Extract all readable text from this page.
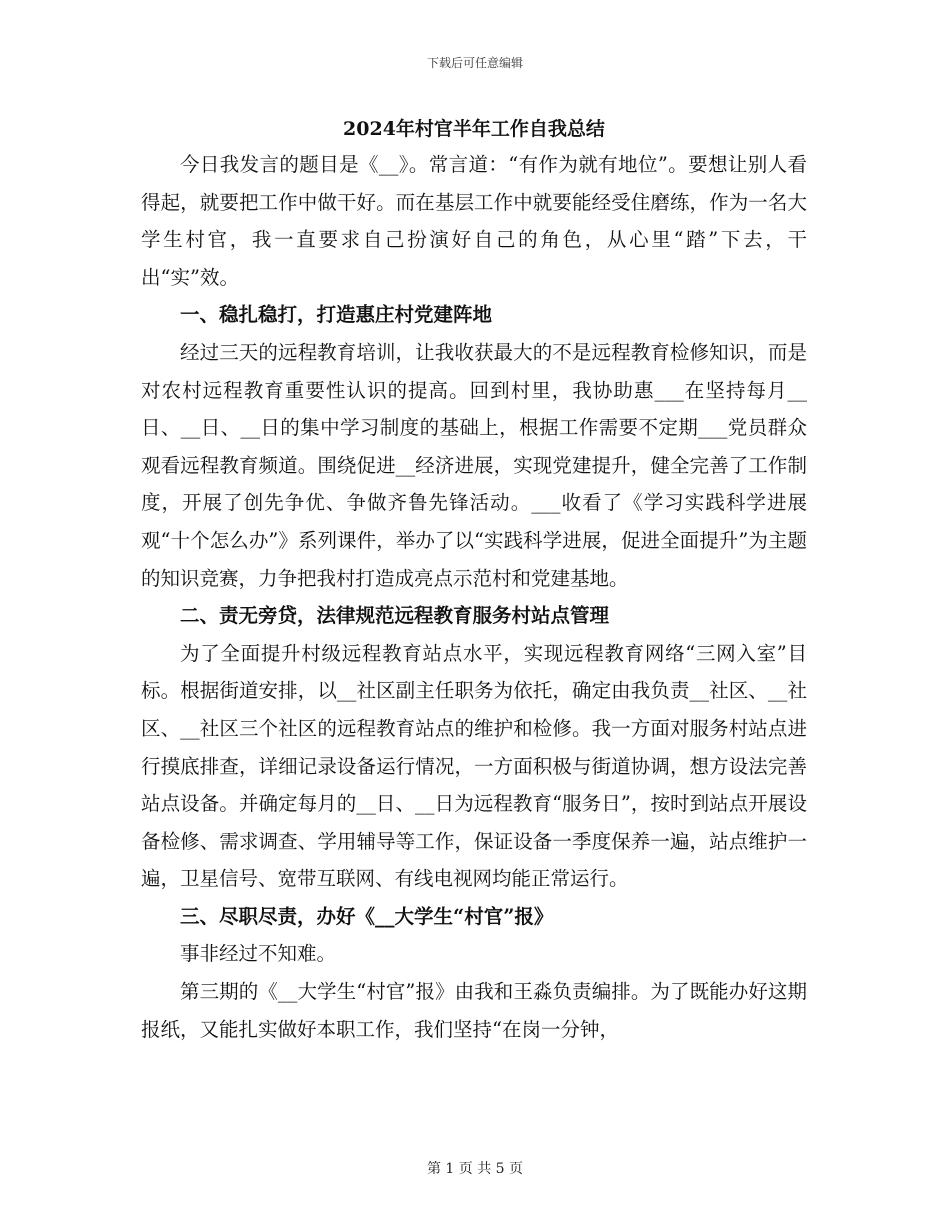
下载后可任意编辑
2024年村官半年工作自我总结

今日我发言的题目是《__》。常言道：“有作为就有地位”。要想让别人看得起，就要把工作中做干好。而在基层工作中就要能经受住磨练，作为一名大学生村官，我一直要求自己扮演好自己的角色，从心里“踏”下去，干出“实”效。

一、稳扎稳打，打造惠庄村党建阵地

经过三天的远程教育培训，让我收获最大的不是远程教育检修知识，而是对农村远程教育重要性认识的提高。回到村里，我协助惠___在坚持每月__日、__日、__日的集中学习制度的基础上，根据工作需要不定期___党员群众观看远程教育频道。围绕促进__经济进展，实现党建提升，健全完善了工作制度，开展了创先争优、争做齐鲁先锋活动。___收看了《学习实践科学进展观“十个怎么办”》系列课件，举办了以“实践科学进展，促进全面提升”为主题的知识竞赛，力争把我村打造成亮点示范村和党建基地。

二、责无旁贷，法律规范远程教育服务村站点管理

为了全面提升村级远程教育站点水平，实现远程教育网络“三网入室”目标。根据街道安排，以__社区副主任职务为依托，确定由我负责__社区、__社区、__社区三个社区的远程教育站点的维护和检修。我一方面对服务村站点进行摸底排查，详细记录设备运行情况，一方面积极与街道协调，想方设法完善站点设备。并确定每月的__日、__日为远程教育“服务日”，按时到站点开展设备检修、需求调查、学用辅导等工作，保证设备一季度保养一遍，站点维护一遍，卫星信号、宽带互联网、有线电视网均能正常运行。

三、尽职尽责，办好《__大学生“村官”报》

事非经过不知难。

第三期的《__大学生“村官”报》由我和王淼负责编排。为了既能办好这期报纸，又能扎实做好本职工作，我们坚持“在岗一分钟，

第 1 页 共 5 页
